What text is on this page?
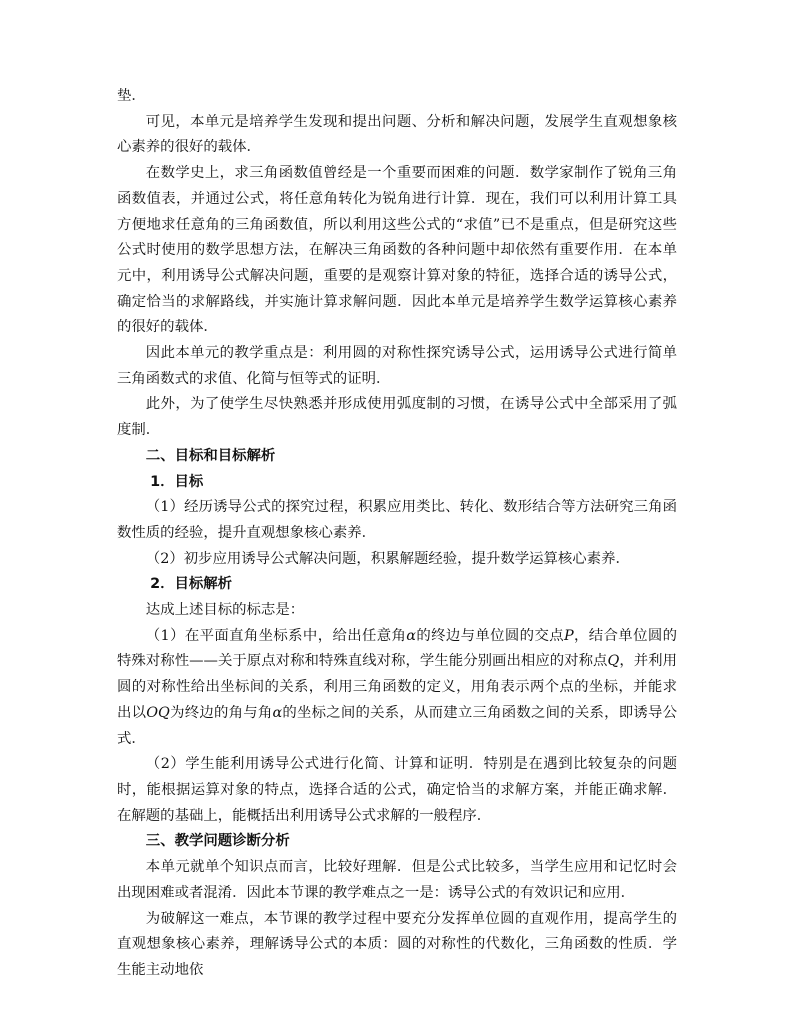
垫．

可见，本单元是培养学生发现和提出问题、分析和解决问题，发展学生直观想象核心素养的很好的载体．

在数学史上，求三角函数值曾经是一个重要而困难的问题．数学家制作了锐角三角函数值表，并通过公式，将任意角转化为锐角进行计算．现在，我们可以利用计算工具方便地求任意角的三角函数值，所以利用这些公式的“求值”已不是重点，但是研究这些公式时使用的数学思想方法，在解决三角函数的各种问题中却依然有重要作用．在本单元中，利用诱导公式解决问题，重要的是观察计算对象的特征，选择合适的诱导公式，确定恰当的求解路线，并实施计算求解问题．因此本单元是培养学生数学运算核心素养的很好的载体．

因此本单元的教学重点是：利用圆的对称性探究诱导公式，运用诱导公式进行简单三角函数式的求值、化简与恒等式的证明．

此外，为了使学生尽快熟悉并形成使用弧度制的习惯，在诱导公式中全部采用了弧度制．

二、目标和目标解析

1．目标

（1）经历诱导公式的探究过程，积累应用类比、转化、数形结合等方法研究三角函数性质的经验，提升直观想象核心素养．

（2）初步应用诱导公式解决问题，积累解题经验，提升数学运算核心素养．

2．目标解析

达成上述目标的标志是：

（1）在平面直角坐标系中，给出任意角α的终边与单位圆的交点P，结合单位圆的特殊对称性——关于原点对称和特殊直线对称，学生能分别画出相应的对称点Q，并利用圆的对称性给出坐标间的关系，利用三角函数的定义，用角表示两个点的坐标，并能求出以OQ为终边的角与角α的坐标之间的关系，从而建立三角函数之间的关系，即诱导公式．

（2）学生能利用诱导公式进行化简、计算和证明．特别是在遇到比较复杂的问题时，能根据运算对象的特点，选择合适的公式，确定恰当的求解方案，并能正确求解．在解题的基础上，能概括出利用诱导公式求解的一般程序．

三、教学问题诊断分析

本单元就单个知识点而言，比较好理解．但是公式比较多，当学生应用和记忆时会出现困难或者混淆．因此本节课的教学难点之一是：诱导公式的有效识记和应用．

为破解这一难点，本节课的教学过程中要充分发挥单位圆的直观作用，提高学生的直观想象核心素养，理解诱导公式的本质：圆的对称性的代数化，三角函数的性质．学生能主动地依
